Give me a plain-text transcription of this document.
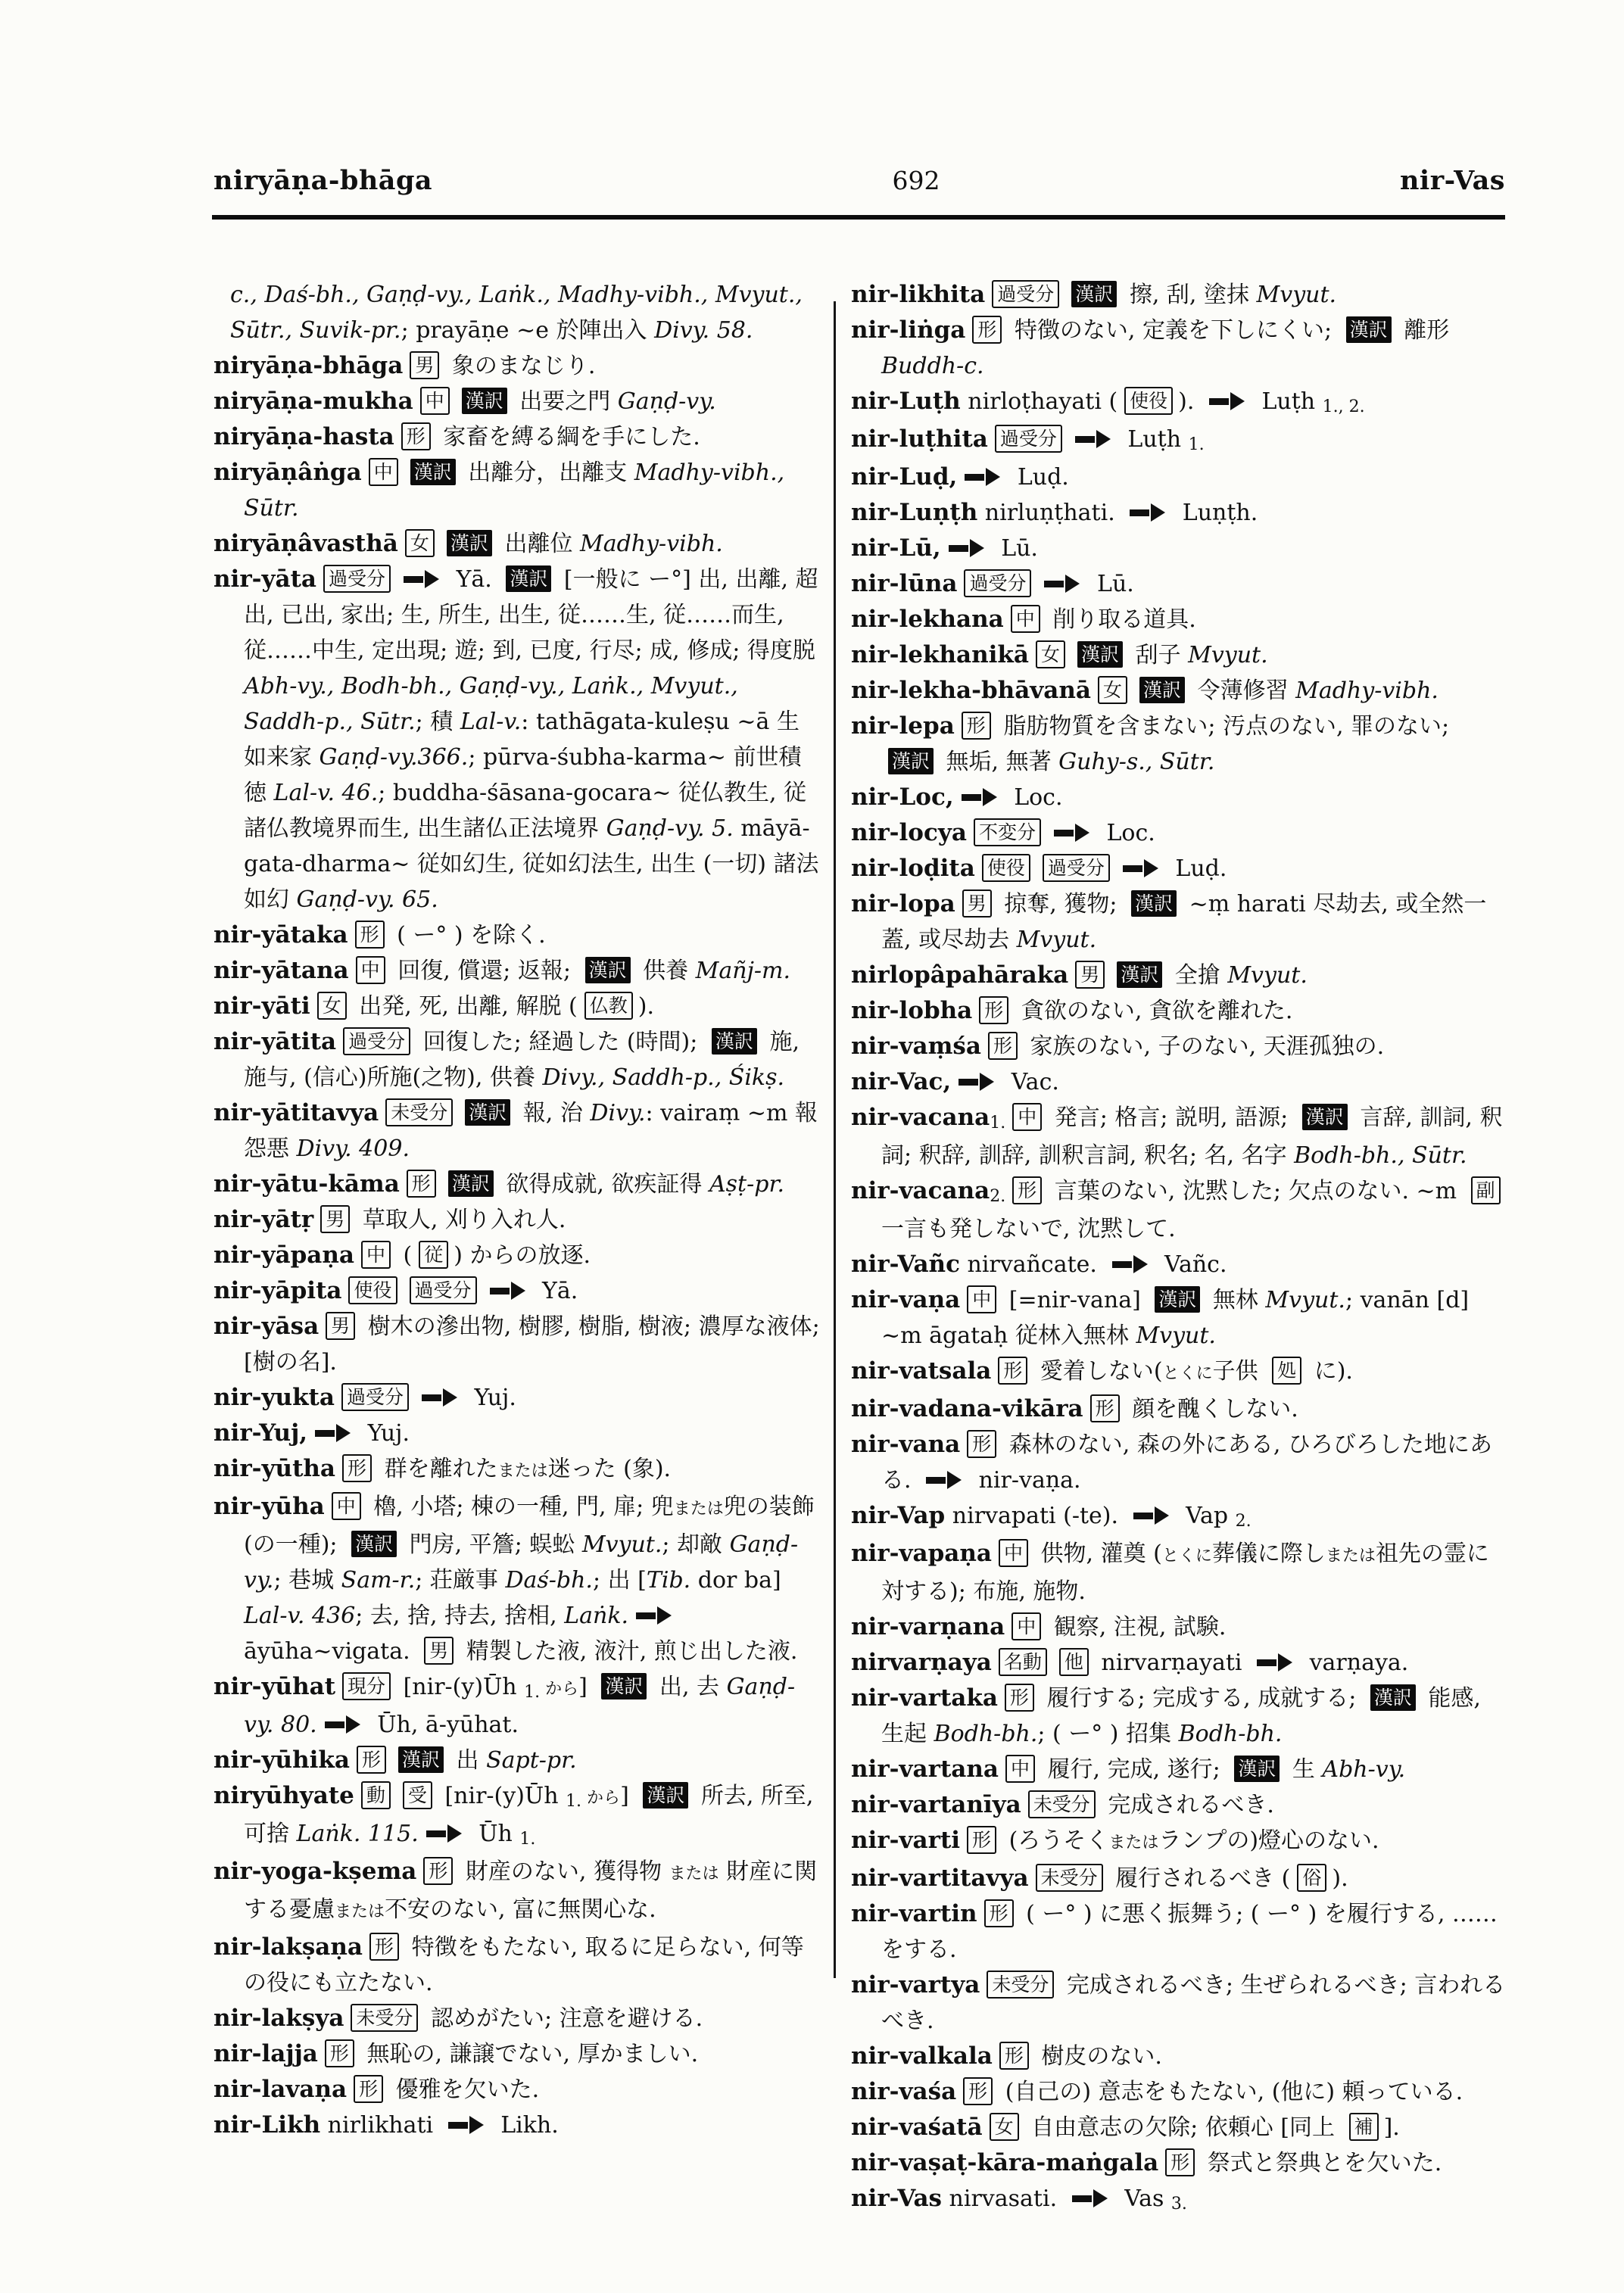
niryāṇa-bhāga	692	nir-Vas

c., Daś-bh., Gaṇḍ-vy., Laṅk., Madhy-vibh., Mvyut., Sūtr., Suvik-pr.; prayāṇe ~e 於陣出入 Divy. 58.

niryāṇa-bhāga 男 象のまなじり.

niryāṇa-mukha 中 漢訳 出要之門 Gaṇḍ-vy.

niryāṇa-hasta 形 家畜を縛る綱を手にした.

niryāṇâṅga 中 漢訳 出離分，出離支 Madhy-vibh., Sūtr.

niryāṇâvasthā 女 漢訳 出離位 Madhy-vibh.

nir-yāta 過受分	Yā. 漢訳 [一般に ー°] 出, 出離, 超出, 已出, 家出; 生, 所生, 出生, 従……生, 従……而生, 従……中生, 定出現; 遊; 到, 已度, 行尽; 成, 修成; 得度脱 Abh-vy., Bodh-bh., Gaṇḍ-vy., Laṅk., Mvyut., Saddh-p., Sūtr.; 積 Lal-v.: tathāgata-kuleṣu ~ā 生如来家 Gaṇḍ-vy.366.; pūrva-śubha-karma~ 前世積徳 Lal-v. 46.; buddha-śāsana-gocara~ 従仏教生, 従諸仏教境界而生, 出生諸仏正法境界 Gaṇḍ-vy. 5. māyā-gata-dharma~ 従如幻生, 従如幻法生, 出生 (一切) 諸法如幻 Gaṇḍ-vy. 65.

nir-yātaka 形 ( ー° ) を除く.

nir-yātana 中 回復, 償還; 返報; 漢訳 供養 Mañj-m.

nir-yāti 女 出発, 死, 出離, 解脱 ( 仏教 ).

nir-yātita 過受分 回復した; 経過した (時間); 漢訳 施, 施与, (信心)所施(之物), 供養 Divy., Saddh-p., Śikṣ.

nir-yātitavya 未受分 漢訳 報, 治 Divy.: vairaṃ ~m 報怨悪 Divy. 409.

nir-yātu-kāma 形 漢訳 欲得成就, 欲疾証得 Aṣṭ-pr.

nir-yātṛ 男 草取人, 刈り入れ人.

nir-yāpaṇa 中 ( 従 ) からの放逐.

nir-yāpita 使役 過受分	Yā.

nir-yāsa 男 樹木の滲出物, 樹膠, 樹脂, 樹液; 濃厚な液体; [樹の名].

nir-yukta 過受分	Yuj.

nir-Yuj, Yuj.

nir-yūtha 形 群を離れたまたは迷った (象).

nir-yūha 中 櫓, 小塔; 棟の一種, 門, 扉; 兜または兜の装飾 (の一種); 漢訳 門房, 平簷; 蜈蚣 Mvyut.; 却敵 Gaṇḍ-vy.; 巷城 Sam-r.; 荘厳事 Daś-bh.; 出 [Tib. dor ba] Lal-v. 436; 去, 捨, 持去, 捨相, Laṅk. āyūha~vigata. 男 精製した液, 液汁, 煎じ出した液.

nir-yūhat 現分 [nir-(y)Ūh 1. から] 漢訳 出, 去 Gaṇḍ-vy. 80. Ūh, ā-yūhat.

nir-yūhika 形 漢訳 出 Sapt-pr.

niryūhyate 動 受 [nir-(y)Ūh 1. から] 漢訳 所去, 所至, 可捨 Laṅk. 115. Ūh 1.

nir-yoga-kṣema 形 財産のない, 獲得物 または 財産に関する憂慮または不安のない, 富に無関心な.

nir-lakṣaṇa 形 特徴をもたない, 取るに足らない, 何等の役にも立たない.

nir-lakṣya 未受分 認めがたい; 注意を避ける.

nir-lajja 形 無恥の, 謙譲でない, 厚かましい.

nir-lavaṇa 形 優雅を欠いた.

nir-Likh nirlikhati  Likh.

nir-likhita 過受分 漢訳 擦, 刮, 塗抹 Mvyut.

nir-liṅga 形 特徴のない, 定義を下しにくい; 漢訳 離形 Buddh-c.

nir-Luṭh nirloṭhayati ( 使役 ).  Luṭh 1., 2.

nir-luṭhita 過受分	Luṭh 1.

nir-Luḍ, Luḍ.

nir-Luṇṭh nirluṇṭhati.  Luṇṭh.

nir-Lū, Lū.

nir-lūna 過受分	Lū.

nir-lekhana 中 削り取る道具.

nir-lekhanikā 女 漢訳 刮子 Mvyut.

nir-lekha-bhāvanā 女 漢訳 令薄修習 Madhy-vibh.

nir-lepa 形 脂肪物質を含まない; 汚点のない, 罪のない; 漢訳 無垢, 無著 Guhy-s., Sūtr.

nir-Loc, Loc.

nir-locya 不変分	Loc.

nir-loḍita 使役 過受分	Luḍ.

nir-lopa 男 掠奪, 獲物; 漢訳 ~ṃ harati 尽劫去, 或全然一蓋, 或尽劫去 Mvyut.

nirlopâpahāraka 男 漢訳 全搶 Mvyut.

nir-lobha 形 貪欲のない, 貪欲を離れた.

nir-vaṃśa 形 家族のない, 子のない, 天涯孤独の.

nir-Vac, Vac.

nir-vacana1. 中 発言; 格言; 説明, 語源; 漢訳 言辞, 訓詞, 釈詞; 釈辞, 訓辞, 訓釈言詞, 釈名; 名, 名字 Bodh-bh., Sūtr.

nir-vacana2. 形 言葉のない, 沈黙した; 欠点のない. ~m 副 一言も発しないで, 沈黙して.

nir-Vañc nirvañcate.  Vañc.

nir-vaṇa 中 [=nir-vana] 漢訳 無林 Mvyut.; vanān [d] ~m āgataḥ 従林入無林 Mvyut.

nir-vatsala 形 愛着しない(とくに子供 処 に).

nir-vadana-vikāra 形 顔を醜くしない.

nir-vana 形 森林のない, 森の外にある, ひろびろした地にある.  nir-vaṇa.

nir-Vap nirvapati (-te).  Vap 2.

nir-vapaṇa 中 供物, 灌奠 (とくに葬儀に際しまたは祖先の霊に対する); 布施, 施物.

nir-varṇana 中 観察, 注視, 試験.

nirvarṇaya 名動 他 nirvarṇayati  varṇaya.

nir-vartaka 形 履行する; 完成する, 成就する; 漢訳 能感, 生起 Bodh-bh.; ( ー° ) 招集 Bodh-bh.

nir-vartana 中 履行, 完成, 遂行; 漢訳 生 Abh-vy.

nir-vartanīya 未受分 完成されるべき.

nir-varti 形 (ろうそくまたはランプの)燈心のない.

nir-vartitavya 未受分 履行されるべき ( 俗 ).

nir-vartin 形 ( ー° ) に悪く振舞う; ( ー° ) を履行する, ……をする.

nir-vartya 未受分 完成されるべき; 生ぜられるべき; 言われるべき.

nir-valkala 形 樹皮のない.

nir-vaśa 形 (自己の) 意志をもたない, (他に) 頼っている.

nir-vaśatā 女 自由意志の欠除; 依頼心 [同上 補 ].

nir-vaṣaṭ-kāra-maṅgala 形 祭式と祭典とを欠いた.

nir-Vas nirvasati.  Vas 3.
